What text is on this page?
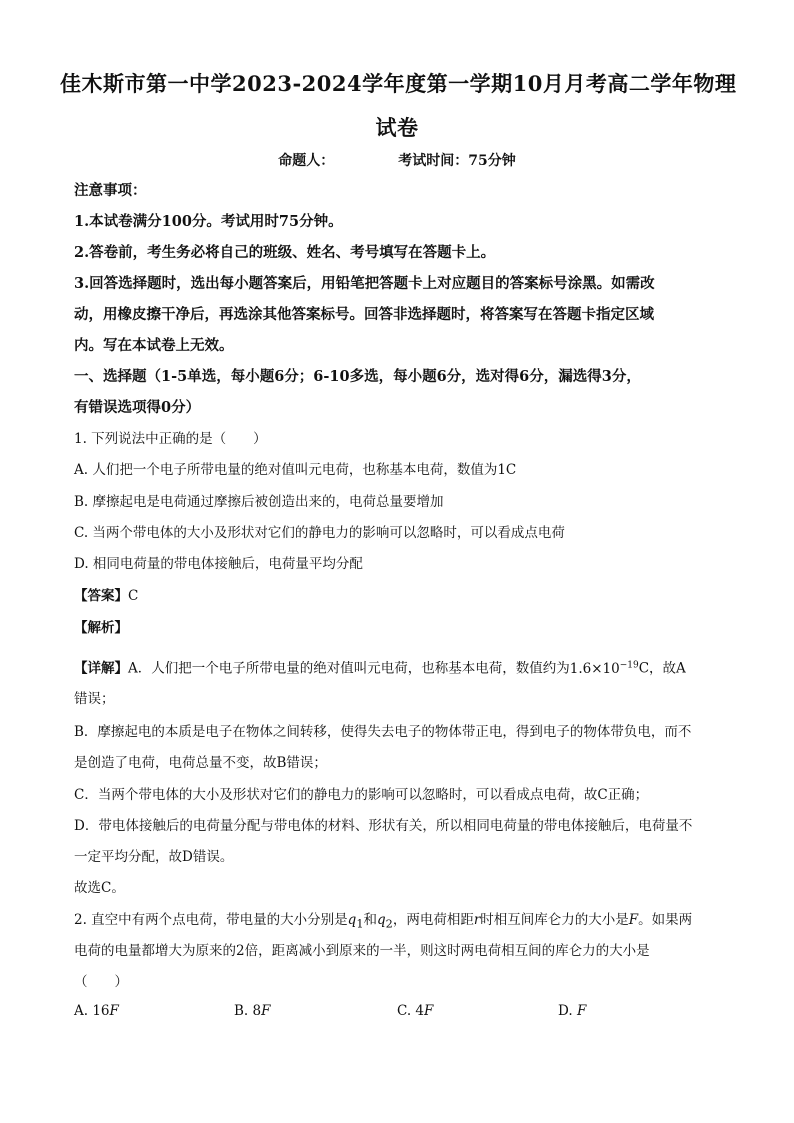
佳木斯市第一中学2023-2024学年度第一学期10月月考高二学年物理
试卷
命题人：	考试时间：75分钟
注意事项：
1.本试卷满分100分。考试用时75分钟。
2.答卷前，考生务必将自己的班级、姓名、考号填写在答题卡上。
3.回答选择题时，选出每小题答案后，用铅笔把答题卡上对应题目的答案标号涂黑。如需改
动，用橡皮擦干净后，再选涂其他答案标号。回答非选择题时，将答案写在答题卡指定区域
内。写在本试卷上无效。
一、选择题（1-5单选，每小题6分；6-10多选，每小题6分，选对得6分，漏选得3分，
有错误选项得0分）
1. 下列说法中正确的是（　　）
A. 人们把一个电子所带电量的绝对值叫元电荷，也称基本电荷，数值为1C
B. 摩擦起电是电荷通过摩擦后被创造出来的，电荷总量要增加
C. 当两个带电体的大小及形状对它们的静电力的影响可以忽略时，可以看成点电荷
D. 相同电荷量的带电体接触后，电荷量平均分配
【答案】C
【解析】
【详解】A．人们把一个电子所带电量的绝对值叫元电荷，也称基本电荷，数值约为$1.6\times 10^{-19}C$，故A
错误；
B．摩擦起电的本质是电子在物体之间转移，使得失去电子的物体带正电，得到电子的物体带负电，而不
是创造了电荷，电荷总量不变，故B错误；
C．当两个带电体的大小及形状对它们的静电力的影响可以忽略时，可以看成点电荷，故C正确；
D．带电体接触后的电荷量分配与带电体的材料、形状有关，所以相同电荷量的带电体接触后，电荷量不
一定平均分配，故D错误。
故选C。
2. 直空中有两个点电荷，带电量的大小分别是$q_1$和$q_2$，两电荷相距r时相互间库仑力的大小是F。如果两
电荷的电量都增大为原来的2倍，距离减小到原来的一半，则这时两电荷相互间的库仑力的大小是
（　　）
A. 16F	B. 8F	C. 4F	D. F
